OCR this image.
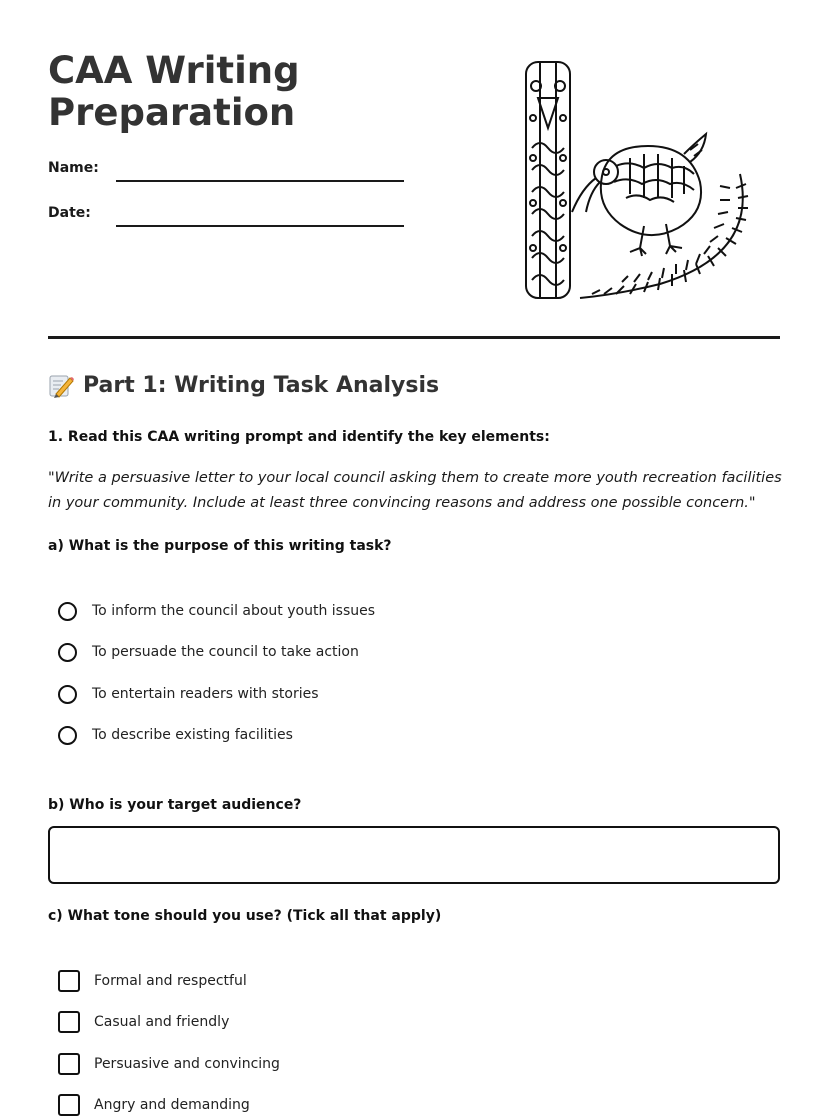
CAA Writing Preparation
Name:
Date:
Part 1: Writing Task Analysis
1. Read this CAA writing prompt and identify the key elements:
"Write a persuasive letter to your local council asking them to create more youth recreation facilities in your community. Include at least three convincing reasons and address one possible concern."
a) What is the purpose of this writing task?
To inform the council about youth issues
To persuade the council to take action
To entertain readers with stories
To describe existing facilities
b) Who is your target audience?
c) What tone should you use? (Tick all that apply)
Formal and respectful
Casual and friendly
Persuasive and convincing
Angry and demanding
